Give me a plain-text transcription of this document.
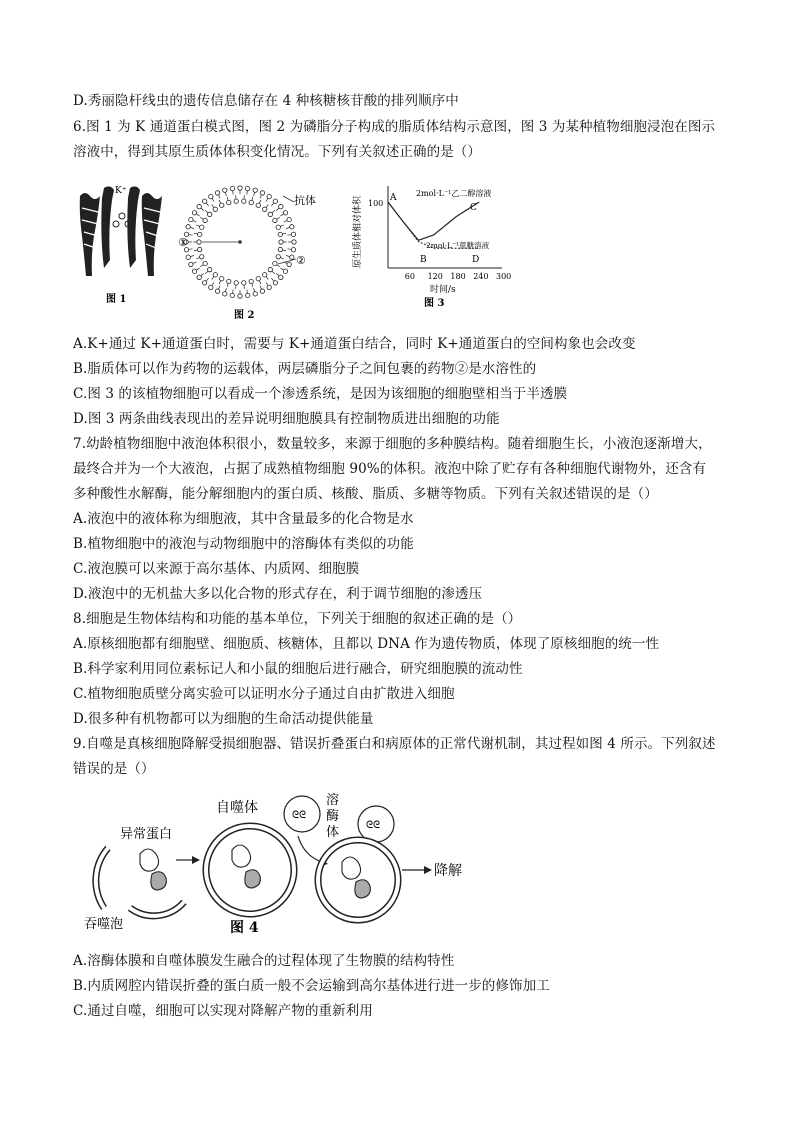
D.秀丽隐杆线虫的遗传信息储存在 4 种核糖核苷酸的排列顺序中
6.图 1 为 K 通道蛋白模式图，图 2 为磷脂分子构成的脂质体结构示意图，图 3 为某种植物细胞浸泡在图示
溶液中，得到其原生质体体积变化情况。下列有关叙述正确的是（）
K⁺
图 1
①
②
抗体
图 2
原生质体相对体积 100
60 120 180 240 300
A 2mol·L⁻¹乙二醇溶液
C
2mol·L⁻¹蔗糖溶液
B	D
时间/s
图 3
A.K+通过 K+通道蛋白时，需要与 K+通道蛋白结合，同时 K+通道蛋白的空间构象也会改变
B.脂质体可以作为药物的运载体，两层磷脂分子之间包裹的药物②是水溶性的
C.图 3 的该植物细胞可以看成一个渗透系统，是因为该细胞的细胞壁相当于半透膜
D.图 3 两条曲线表现出的差异说明细胞膜具有控制物质进出细胞的功能
7.幼龄植物细胞中液泡体积很小，数量较多，来源于细胞的多种膜结构。随着细胞生长，小液泡逐渐增大，
最终合并为一个大液泡，占据了成熟植物细胞 90%的体积。液泡中除了贮存有各种细胞代谢物外，还含有
多种酸性水解酶，能分解细胞内的蛋白质、核酸、脂质、多糖等物质。下列有关叙述错误的是（）
A.液泡中的液体称为细胞液，其中含量最多的化合物是水
B.植物细胞中的液泡与动物细胞中的溶酶体有类似的功能
C.液泡膜可以来源于高尔基体、内质网、细胞膜
D.液泡中的无机盐大多以化合物的形式存在，利于调节细胞的渗透压
8.细胞是生物体结构和功能的基本单位，下列关于细胞的叙述正确的是（）
A.原核细胞都有细胞壁、细胞质、核糖体，且都以 DNA 作为遗传物质，体现了原核细胞的统一性
B.科学家利用同位素标记人和小鼠的细胞后进行融合，研究细胞膜的流动性
C.植物细胞质壁分离实验可以证明水分子通过自由扩散进入细胞
D.很多种有机物都可以为细胞的生命活动提供能量
9.自噬是真核细胞降解受损细胞器、错误折叠蛋白和病原体的正常代谢机制，其过程如图 4 所示。下列叙述
错误的是（）
异常蛋白
吞噬泡
自噬体	ᘓᘓ
溶
酶
体	ᘓᘓ
降解
图 4
A.溶酶体膜和自噬体膜发生融合的过程体现了生物膜的结构特性
B.内质网腔内错误折叠的蛋白质一般不会运输到高尔基体进行进一步的修饰加工
C.通过自噬，细胞可以实现对降解产物的重新利用
